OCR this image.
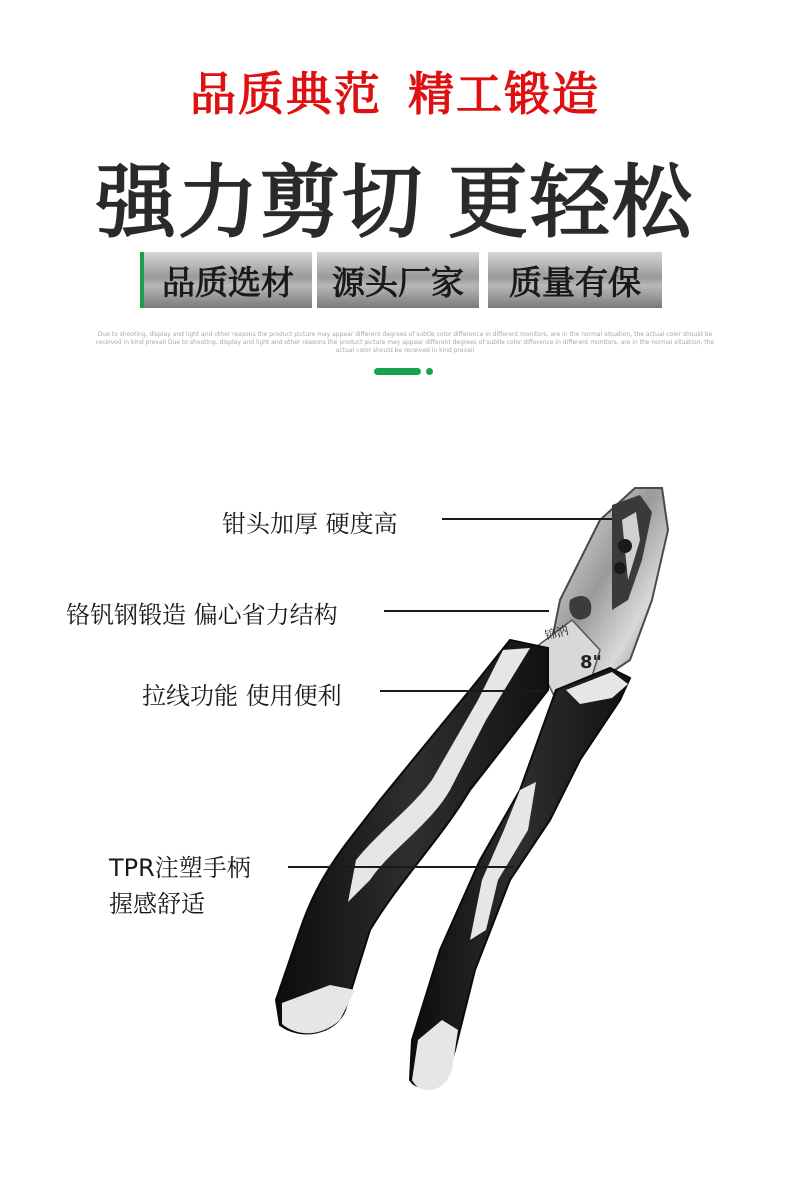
品质典范 精工锻造
强力剪切 更轻松
品质选材	源头厂家	质量有保
Due to shooting, display and light and other reasons the product picture may appear different degrees of subtle color difference in different monitors, are in the normal situation, the actual color should be received in kind prevail Due to shooting, display and light and other reasons the product picture may appear different degrees of subtle color difference in different monitors, are in the normal situation, the actual color should be received in kind prevail
8"
锦汭
钳头加厚 硬度高
铬钒钢锻造 偏心省力结构
拉线功能 使用便利
TPR注塑手柄
握感舒适
